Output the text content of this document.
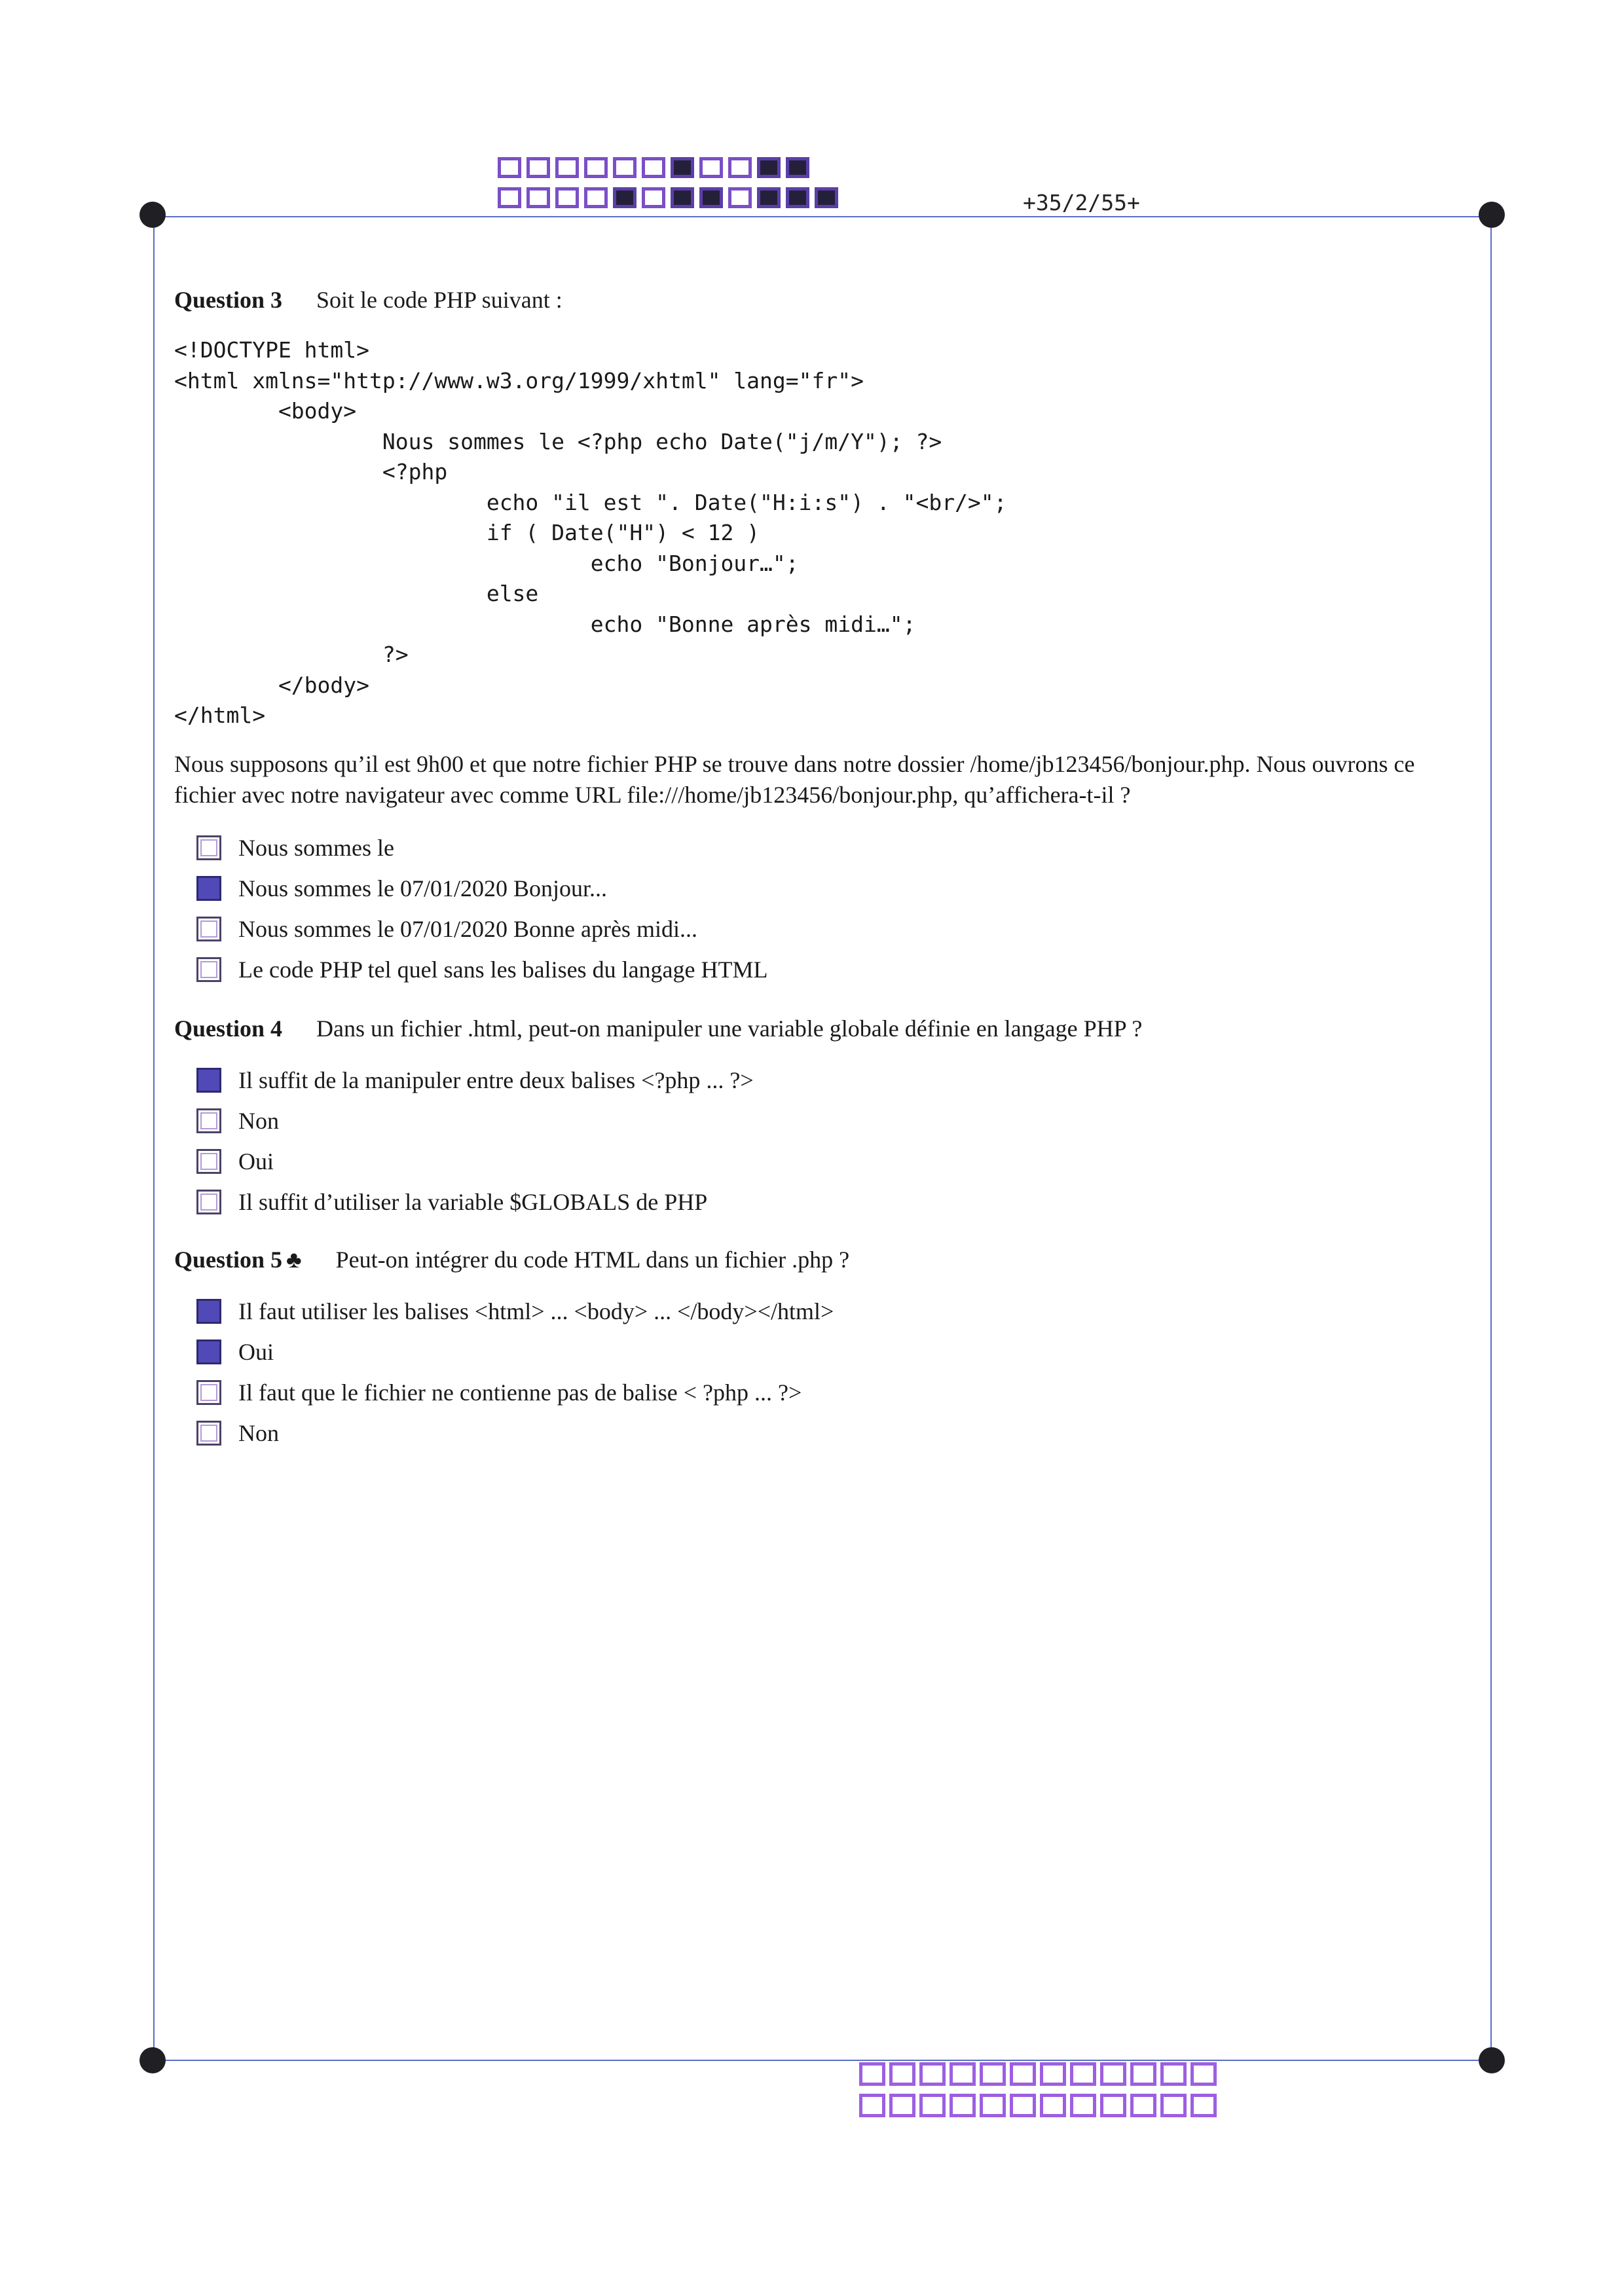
+35/2/55+
Question 3 Soit le code PHP suivant :
<!DOCTYPE html>
<html xmlns="http://www.w3.org/1999/xhtml" lang="fr">
<body>
Nous sommes le <?php echo Date("j/m/Y"); ?>
<?php
echo "il est ". Date("H:i:s") . "<br/>";
if ( Date("H") < 12 )
echo "Bonjour…";
else
echo "Bonne après midi…";
?>
</body>
</html>
Nous supposons qu’il est 9h00 et que notre fichier PHP se trouve dans notre dossier /home/jb123456/bonjour.php. Nous ouvrons ce fichier avec notre navigateur avec comme URL file:///home/jb123456/bonjour.php, qu’affichera-t-il ?
Nous sommes le
Nous sommes le 07/01/2020 Bonjour...
Nous sommes le 07/01/2020 Bonne après midi...
Le code PHP tel quel sans les balises du langage HTML
Question 4 Dans un fichier .html, peut-on manipuler une variable globale définie en langage PHP ?
Il suffit de la manipuler entre deux balises <?php ... ?>
Non
Oui
Il suffit d’utiliser la variable $GLOBALS de PHP
Question 5 ♣ Peut-on intégrer du code HTML dans un fichier .php ?
Il faut utiliser les balises <html> ... <body> ... </body></html>
Oui
Il faut que le fichier ne contienne pas de balise < ?php ... ?>
Non
